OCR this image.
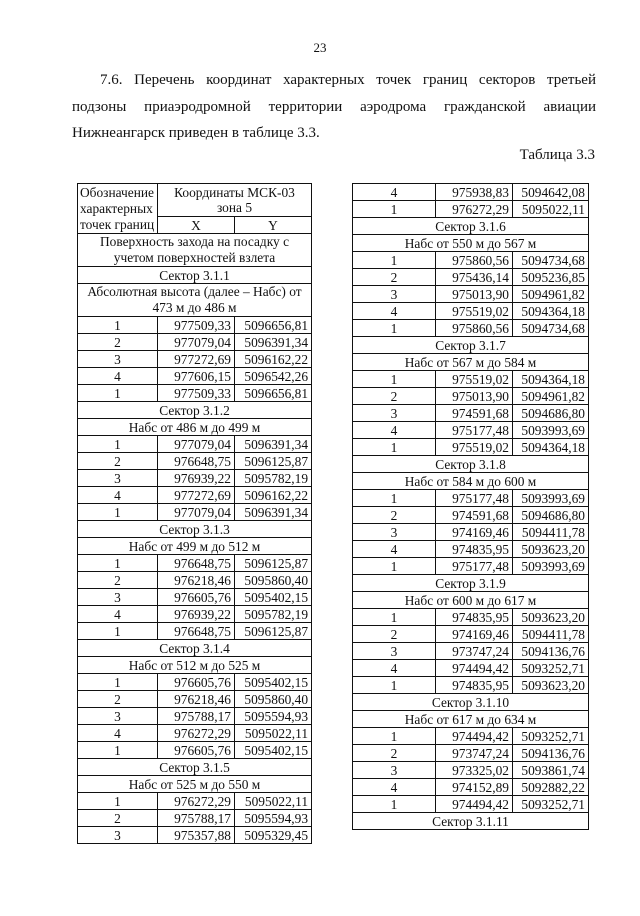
23

7.6. Перечень координат характерных точек границ секторов третьей подзоны приаэродромной территории аэродрома гражданской авиации Нижнеангарск приведен в таблице 3.3.

Таблица 3.3
Обозначение характерных точек границ	Координаты МСК-03 зона 5	
	X	Y
Поверхность захода на посадку с учетом поверхностей взлета		
Сектор 3.1.1		
Абсолютная высота (далее – Набс) от 473 м до 486 м		
1	977509,33	5096656,81
2	977079,04	5096391,34
3	977272,69	5096162,22
4	977606,15	5096542,26
1	977509,33	5096656,81
Сектор 3.1.2		
Набс от 486 м до 499 м		
1	977079,04	5096391,34
2	976648,75	5096125,87
3	976939,22	5095782,19
4	977272,69	5096162,22
1	977079,04	5096391,34
Сектор 3.1.3		
Набс от 499 м до 512 м		
1	976648,75	5096125,87
2	976218,46	5095860,40
3	976605,76	5095402,15
4	976939,22	5095782,19
1	976648,75	5096125,87
Сектор 3.1.4		
Набс от 512 м до 525 м		
1	976605,76	5095402,15
2	976218,46	5095860,40
3	975788,17	5095594,93
4	976272,29	5095022,11
1	976605,76	5095402,15
Сектор 3.1.5		
Набс от 525 м до 550 м		
1	976272,29	5095022,11
2	975788,17	5095594,93
3	975357,88	5095329,45
4	975938,83	5094642,08
1	976272,29	5095022,11
Сектор 3.1.6		
Набс от 550 м до 567 м		
1	975860,56	5094734,68
2	975436,14	5095236,85
3	975013,90	5094961,82
4	975519,02	5094364,18
1	975860,56	5094734,68
Сектор 3.1.7		
Набс от 567 м до 584 м		
1	975519,02	5094364,18
2	975013,90	5094961,82
3	974591,68	5094686,80
4	975177,48	5093993,69
1	975519,02	5094364,18
Сектор 3.1.8		
Набс от 584 м до 600 м		
1	975177,48	5093993,69
2	974591,68	5094686,80
3	974169,46	5094411,78
4	974835,95	5093623,20
1	975177,48	5093993,69
Сектор 3.1.9		
Набс от 600 м до 617 м		
1	974835,95	5093623,20
2	974169,46	5094411,78
3	973747,24	5094136,76
4	974494,42	5093252,71
1	974835,95	5093623,20
Сектор 3.1.10		
Набс от 617 м до 634 м		
1	974494,42	5093252,71
2	973747,24	5094136,76
3	973325,02	5093861,74
4	974152,89	5092882,22
1	974494,42	5093252,71
Сектор 3.1.11		
